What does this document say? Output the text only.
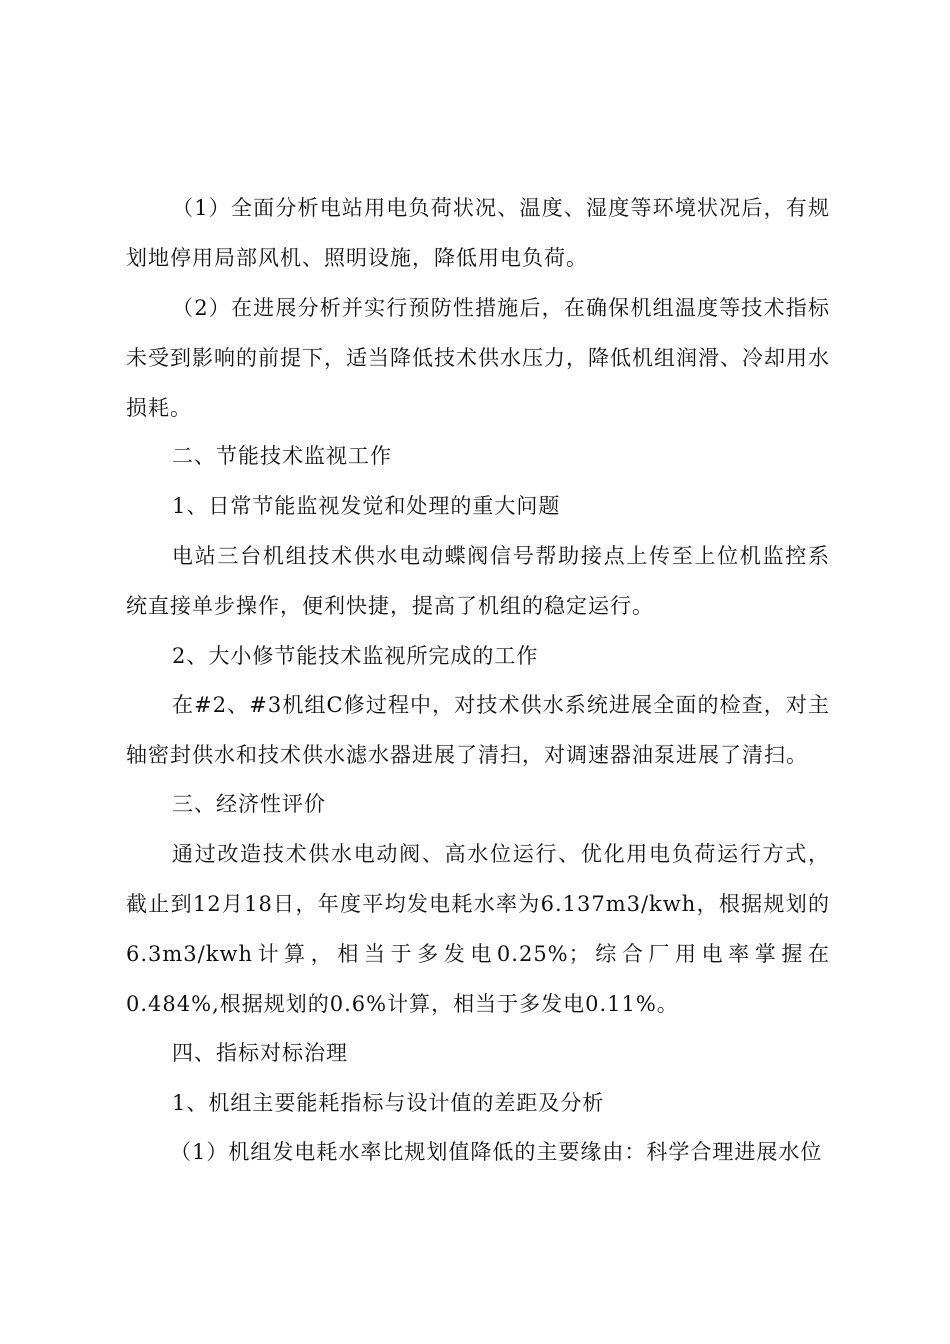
（1）全面分析电站用电负荷状况、温度、湿度等环境状况后，有规划地停用局部风机、照明设施，降低用电负荷。

（2）在进展分析并实行预防性措施后，在确保机组温度等技术指标未受到影响的前提下，适当降低技术供水压力，降低机组润滑、冷却用水损耗。

二、节能技术监视工作

1、日常节能监视发觉和处理的重大问题

电站三台机组技术供水电动蝶阀信号帮助接点上传至上位机监控系统直接单步操作，便利快捷，提高了机组的稳定运行。

2、大小修节能技术监视所完成的工作

在#2、#3机组C修过程中，对技术供水系统进展全面的检查，对主轴密封供水和技术供水滤水器进展了清扫，对调速器油泵进展了清扫。

三、经济性评价

通过改造技术供水电动阀、高水位运行、优化用电负荷运行方式，截止到12月18日，年度平均发电耗水率为6.137m3/kwh，根据规划的6.3m3/kwh计算，相当于多发电0.25%；综合厂用电率掌握在0.484%,根据规划的0.6%计算，相当于多发电0.11%。

四、指标对标治理

1、机组主要能耗指标与设计值的差距及分析

（1）机组发电耗水率比规划值降低的主要缘由：科学合理进展水位
